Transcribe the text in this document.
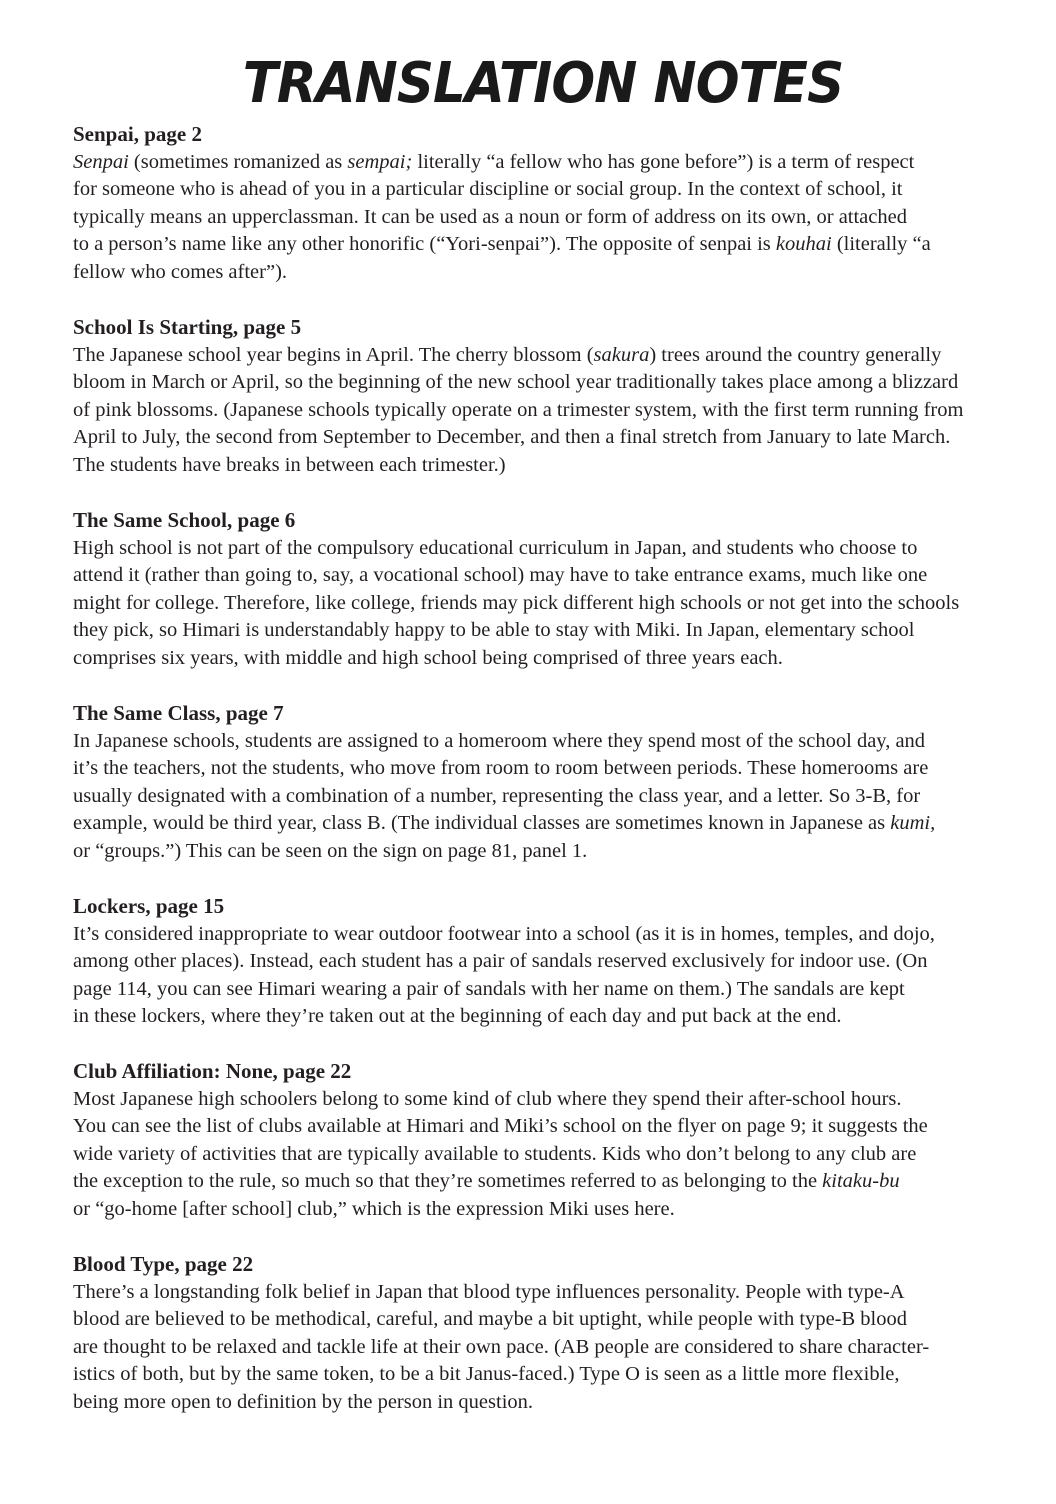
TRANSLATION NOTES
Senpai, page 2
Senpai (sometimes romanized as sempai; literally “a fellow who has gone before”) is a term of respect
for someone who is ahead of you in a particular discipline or social group. In the context of school, it
typically means an upperclassman. It can be used as a noun or form of address on its own, or attached
to a person’s name like any other honorific (“Yori-senpai”). The opposite of senpai is kouhai (literally “a
fellow who comes after”).
School Is Starting, page 5
The Japanese school year begins in April. The cherry blossom (sakura) trees around the country generally
bloom in March or April, so the beginning of the new school year traditionally takes place among a blizzard
of pink blossoms. (Japanese schools typically operate on a trimester system, with the first term running from
April to July, the second from September to December, and then a final stretch from January to late March.
The students have breaks in between each trimester.)
The Same School, page 6
High school is not part of the compulsory educational curriculum in Japan, and students who choose to
attend it (rather than going to, say, a vocational school) may have to take entrance exams, much like one
might for college. Therefore, like college, friends may pick different high schools or not get into the schools
they pick, so Himari is understandably happy to be able to stay with Miki. In Japan, elementary school
comprises six years, with middle and high school being comprised of three years each.
The Same Class, page 7
In Japanese schools, students are assigned to a homeroom where they spend most of the school day, and
it’s the teachers, not the students, who move from room to room between periods. These homerooms are
usually designated with a combination of a number, representing the class year, and a letter. So 3-B, for
example, would be third year, class B. (The individual classes are sometimes known in Japanese as kumi,
or “groups.”) This can be seen on the sign on page 81, panel 1.
Lockers, page 15
It’s considered inappropriate to wear outdoor footwear into a school (as it is in homes, temples, and dojo,
among other places). Instead, each student has a pair of sandals reserved exclusively for indoor use. (On
page 114, you can see Himari wearing a pair of sandals with her name on them.) The sandals are kept
in these lockers, where they’re taken out at the beginning of each day and put back at the end.
Club Affiliation: None, page 22
Most Japanese high schoolers belong to some kind of club where they spend their after-school hours.
You can see the list of clubs available at Himari and Miki’s school on the flyer on page 9; it suggests the
wide variety of activities that are typically available to students. Kids who don’t belong to any club are
the exception to the rule, so much so that they’re sometimes referred to as belonging to the kitaku-bu
or “go-home [after school] club,” which is the expression Miki uses here.
Blood Type, page 22
There’s a longstanding folk belief in Japan that blood type influences personality. People with type-A
blood are believed to be methodical, careful, and maybe a bit uptight, while people with type-B blood
are thought to be relaxed and tackle life at their own pace. (AB people are considered to share character-
istics of both, but by the same token, to be a bit Janus-faced.) Type O is seen as a little more flexible,
being more open to definition by the person in question.
